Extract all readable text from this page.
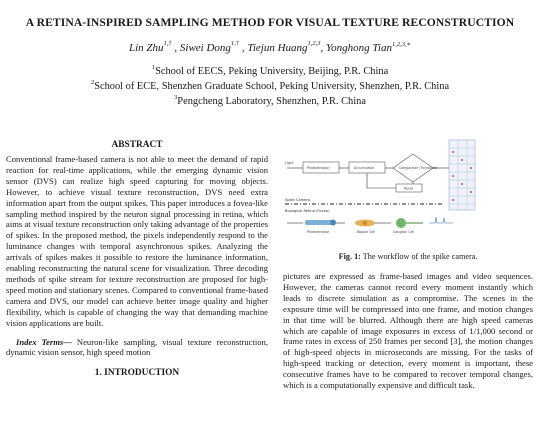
A RETINA-INSPIRED SAMPLING METHOD FOR VISUAL TEXTURE RECONSTRUCTION
Lin Zhu$^{1,\dagger}$ , Siwei Dong$^{1,\dagger}$ , Tiejun Huang$^{1,2,3}$, Yonghong Tian$^{1,2,3,∗}$
$^1$School of EECS, Peking University, Beijing, P.R. China
$^2$School of ECE, Shenzhen Graduate School, Peking University, Shenzhen, P.R. China
$^3$Pengcheng Laboratory, Shenzhen, P.R. China
ABSTRACT

Conventional frame-based camera is not able to meet the demand of rapid reaction for real-time applications, while the emerging dynamic vision sensor (DVS) can realize high speed capturing for moving objects. However, to achieve visual texture reconstruction, DVS need extra information apart from the output spikes. This paper introduces a fovea-like sampling method inspired by the neuron signal processing in retina, which aims at visual texture reconstruction only taking advantage of the properties of spikes. In the proposed method, the pixels independently respond to the luminance changes with temporal asynchronous spikes. Analyzing the arrivals of spikes makes it possible to restore the luminance information, enabling reconstructing the natural scene for visualization. Three decoding methods of spike stream for texture reconstruction are proposed for high-speed motion and stationary scenes. Compared to conventional frame-based camera and DVS, our model can achieve better image quality and higher flexibility, which is capable of changing the way that demanding machine vision applications are built.

Index Terms— Neuron-like sampling, visual texture reconstruction, dynamic vision sensor, high speed motion

1. INTRODUCTION
Light
Photoreceptor	Accumulator	Comparator (Threshold)
Reset
Spike Camera
Biological Retina (Fovea)
Photoreceptor	Bipolar Cell	Ganglion Cell
Fig. 1: The workflow of the spike camera.
pictures are expressed as frame-based images and video sequences. However, the cameras cannot record every moment instantly which leads to discrete simulation as a compromise. The scenes in the exposure time will be compressed into one frame, and motion changes in that time will be blurred. Although there are high speed cameras which are capable of image exposures in excess of 1/1,000 second or frame rates in excess of 250 frames per second [3], the motion changes of high-speed objects in microseconds are missing. For the tasks of high-speed tracking or detection, every moment is important, these consecutive frames have to be compared to recover temporal changes, which is a computationally expensive and difficult task.
